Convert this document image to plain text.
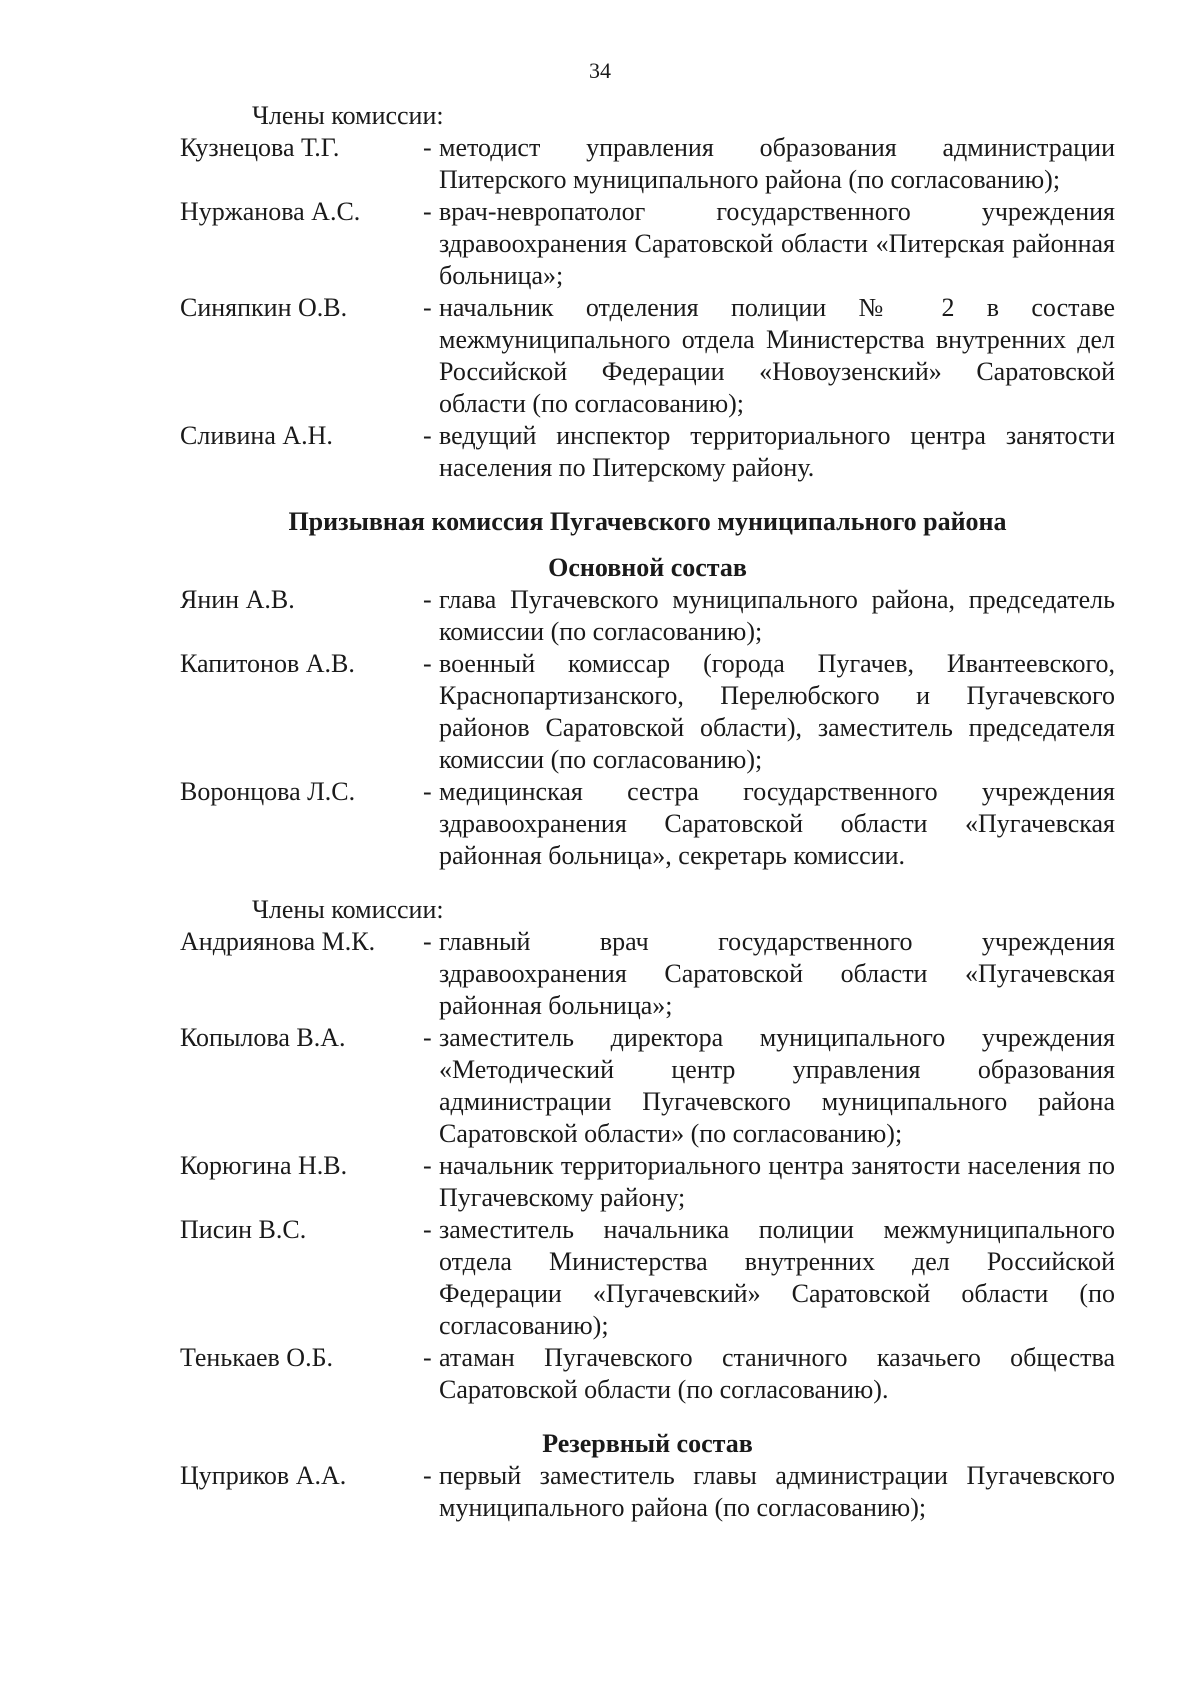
34

Члены комиссии:

Кузнецова Т.Г.	- методист управления образования администрации Питерского муниципального района (по согласованию);
Нуржанова А.С.	- врач-невропатолог государственного учреждения здравоохранения Саратовской области «Питерская районная больница»;
Синяпкин О.В.	- начальник отделения полиции № 2 в составе межмуниципального отдела Министерства внутренних дел Российской Федерации «Новоузенский» Саратовской области (по согласованию);
Сливина А.Н.	- ведущий инспектор территориального центра занятости населения по Питерскому району.

Призывная комиссия Пугачевского муниципального района

Основной состав

Янин А.В.	- глава Пугачевского муниципального района, председатель комиссии (по согласованию);
Капитонов А.В.	- военный комиссар (города Пугачев, Ивантеевского, Краснопартизанского, Перелюбского и Пугачевского районов Саратовской области), заместитель председателя комиссии (по согласованию);
Воронцова Л.С.	- медицинская сестра государственного учреждения здравоохранения Саратовской области «Пугачевская районная больница», секретарь комиссии.

Члены комиссии:

Андриянова М.К.	- главный врач государственного учреждения здравоохранения Саратовской области «Пугачевская районная больница»;
Копылова В.А.	- заместитель директора муниципального учреждения «Методический центр управления образования администрации Пугачевского муниципального района Саратовской области» (по согласованию);
Корюгина Н.В.	- начальник территориального центра занятости населения по Пугачевскому району;
Писин В.С.	- заместитель начальника полиции межмуниципального отдела Министерства внутренних дел Российской Федерации «Пугачевский» Саратовской области (по согласованию);
Тенькаев О.Б.	- атаман Пугачевского станичного казачьего общества Саратовской области (по согласованию).

Резервный состав

Цуприков А.А.	- первый заместитель главы администрации Пугачевского муниципального района (по согласованию);
